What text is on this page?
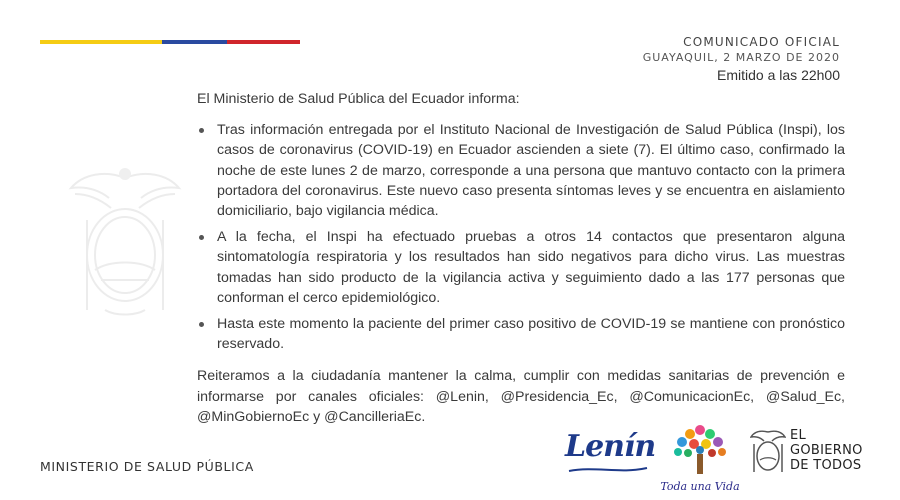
COMUNICADO OFICIAL
GUAYAQUIL, 2 MARZO DE 2020
Emitido a las 22h00

El Ministerio de Salud Pública del Ecuador informa:

Tras información entregada por el Instituto Nacional de Investigación de Salud Pública (Inspi), los casos de coronavirus (COVID-19) en Ecuador ascienden a siete (7). El último caso, confirmado la noche de este lunes 2 de marzo, corresponde a una persona que mantuvo contacto con la primera portadora del coronavirus. Este nuevo caso presenta síntomas leves y se encuentra en aislamiento domiciliario, bajo vigilancia médica.
A la fecha, el Inspi ha efectuado pruebas a otros 14 contactos que presentaron alguna sintomatología respiratoria y los resultados han sido negativos para dicho virus. Las muestras tomadas han sido producto de la vigilancia activa y seguimiento dado a las 177 personas que conforman el cerco epidemiológico.
Hasta este momento la paciente del primer caso positivo de COVID-19 se mantiene con pronóstico reservado.

Reiteramos a la ciudadanía mantener la calma, cumplir con medidas sanitarias de prevención e informarse por canales oficiales: @Lenin, @Presidencia_Ec, @ComunicacionEc, @Salud_Ec, @MinGobiernoEc y @CancilleriaEc.

MINISTERIO DE SALUD PÚBLICA
Lenín
Toda una Vida
EL
GOBIERNO
DE TODOS
